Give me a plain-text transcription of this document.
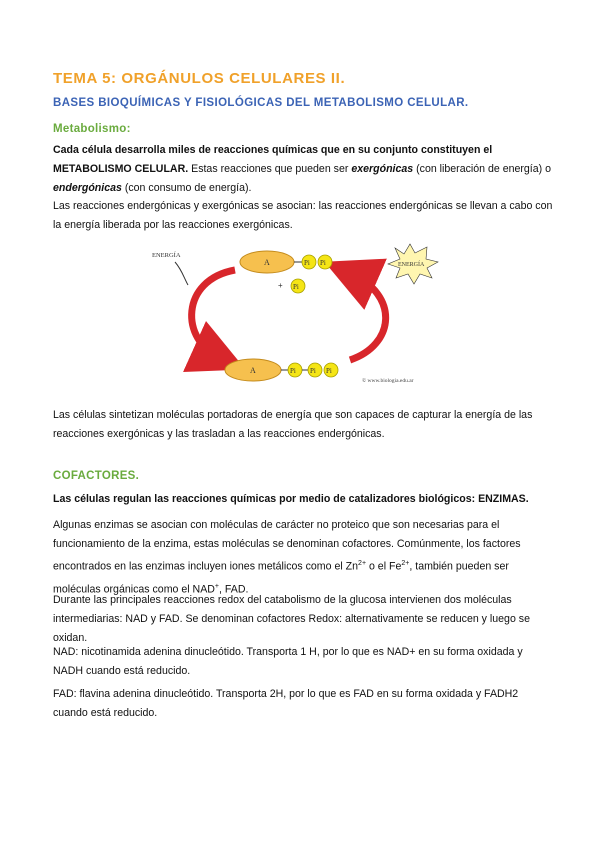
TEMA 5: ORGÁNULOS CELULARES II.
BASES BIOQUÍMICAS Y FISIOLÓGICAS DEL METABOLISMO CELULAR.
Metabolismo:
Cada célula desarrolla miles de reacciones químicas que en su conjunto constituyen el METABOLISMO CELULAR. Estas reacciones que pueden ser exergónicas (con liberación de energía) o endergónicas (con consumo de energía).
Las reacciones endergónicas y exergónicas se asocian: las reacciones endergónicas se llevan a cabo con la energía liberada por las reacciones exergónicas.
ENERGÍA
A	Pi Pi
+ Pi
ENERGÍA
A	Pi Pi Pi
© www.biologia.edu.ar
Las células sintetizan moléculas portadoras de energía que son capaces de capturar la energía de las reacciones exergónicas y las trasladan a las reacciones endergónicas.
COFACTORES.
Las células regulan las reacciones químicas por medio de catalizadores biológicos: ENZIMAS.
Algunas enzimas se asocian con moléculas de carácter no proteico que son necesarias para el funcionamiento de la enzima, estas moléculas se denominan cofactores. Comúnmente, los factores encontrados en las enzimas incluyen iones metálicos como el $Zn^{2+}$ o el $Fe^{2+}$, también pueden ser moléculas orgánicas como el NAD+, FAD.
Durante las principales reacciones redox del catabolismo de la glucosa intervienen dos moléculas intermediarias: NAD y FAD. Se denominan cofactores Redox: alternativamente se reducen y luego se oxidan.
NAD: nicotinamida adenina dinucleótido. Transporta 1 H, por lo que es NAD+ en su forma oxidada y NADH cuando está reducido.
FAD: flavina adenina dinucleótido. Transporta 2H, por lo que es FAD en su forma oxidada y FADH2 cuando está reducido.
